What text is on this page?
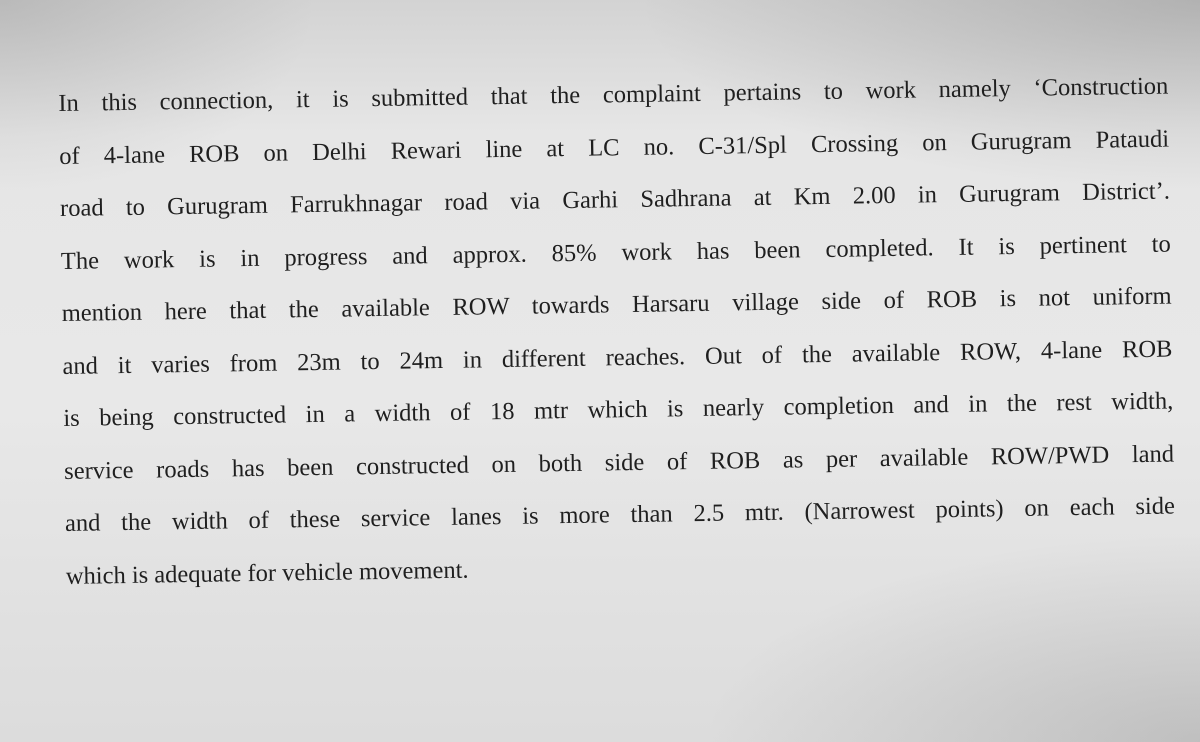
In this connection, it is submitted that the complaint pertains to work namely ‘Construction
of 4-lane ROB on Delhi Rewari line at LC no. C-31/Spl Crossing on Gurugram Pataudi
road to Gurugram Farrukhnagar road via Garhi Sadhrana at Km 2.00 in Gurugram District’.
The work is in progress and approx. 85% work has been completed. It is pertinent to
mention here that the available ROW towards Harsaru village side of ROB is not uniform
and it varies from 23m to 24m in different reaches. Out of the available ROW, 4-lane ROB
is being constructed in a width of 18 mtr which is nearly completion and in the rest width,
service roads has been constructed on both side of ROB as per available ROW/PWD land
and the width of these service lanes is more than 2.5 mtr. (Narrowest points) on each side
which is adequate for vehicle movement.
